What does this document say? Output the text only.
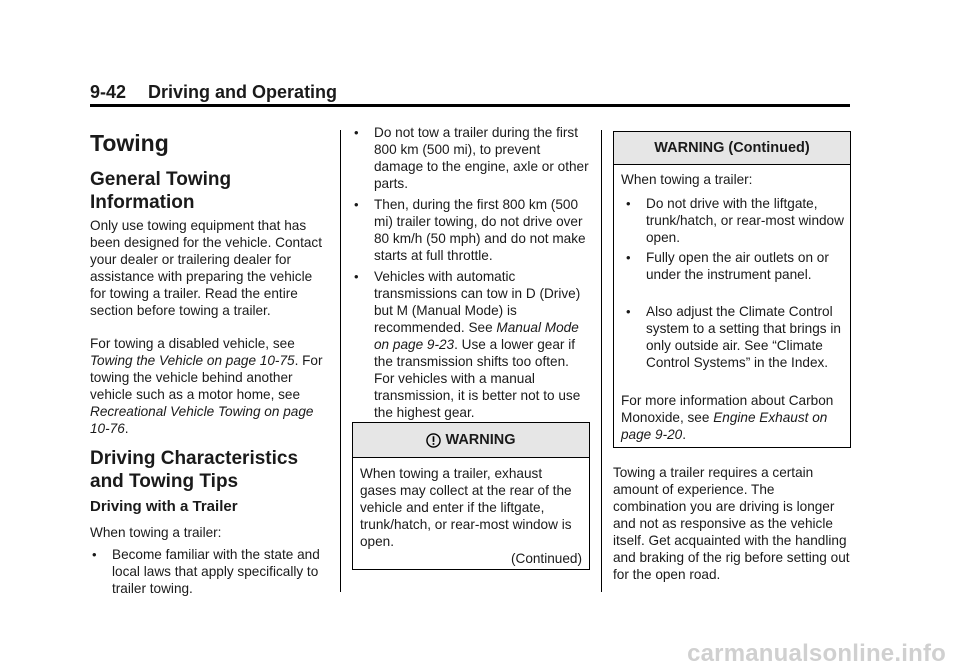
9-42 Driving and Operating
Towing
General Towing Information

Only use towing equipment that has been designed for the vehicle. Contact your dealer or trailering dealer for assistance with preparing the vehicle for towing a trailer. Read the entire section before towing a trailer.

For towing a disabled vehicle, see Towing the Vehicle on page 10-75. For towing the vehicle behind another vehicle such as a motor home, see Recreational Vehicle Towing on page 10-76.

Driving Characteristics and Towing Tips
Driving with a Trailer

When towing a trailer:

• Become familiar with the state and local laws that apply specifically to trailer towing.
• Do not tow a trailer during the first 800 km (500 mi), to prevent damage to the engine, axle or other parts.
• Then, during the first 800 km (500 mi) trailer towing, do not drive over 80 km/h (50 mph) and do not make starts at full throttle.
• Vehicles with automatic transmissions can tow in D (Drive) but M (Manual Mode) is recommended. See Manual Mode on page 9-23. Use a lower gear if the transmission shifts too often. For vehicles with a manual transmission, it is better not to use the highest gear.
WARNING

When towing a trailer, exhaust gases may collect at the rear of the vehicle and enter if the liftgate, trunk/hatch, or rear-most window is open.

(Continued)

WARNING (Continued)

When towing a trailer:

• Do not drive with the liftgate, trunk/hatch, or rear-most window open.
• Fully open the air outlets on or under the instrument panel.
• Also adjust the Climate Control system to a setting that brings in only outside air. See “Climate Control Systems” in the Index.

For more information about Carbon Monoxide, see Engine Exhaust on page 9-20.

Towing a trailer requires a certain amount of experience. The combination you are driving is longer and not as responsive as the vehicle itself. Get acquainted with the handling and braking of the rig before setting out for the open road.

carmanualsonline.info
